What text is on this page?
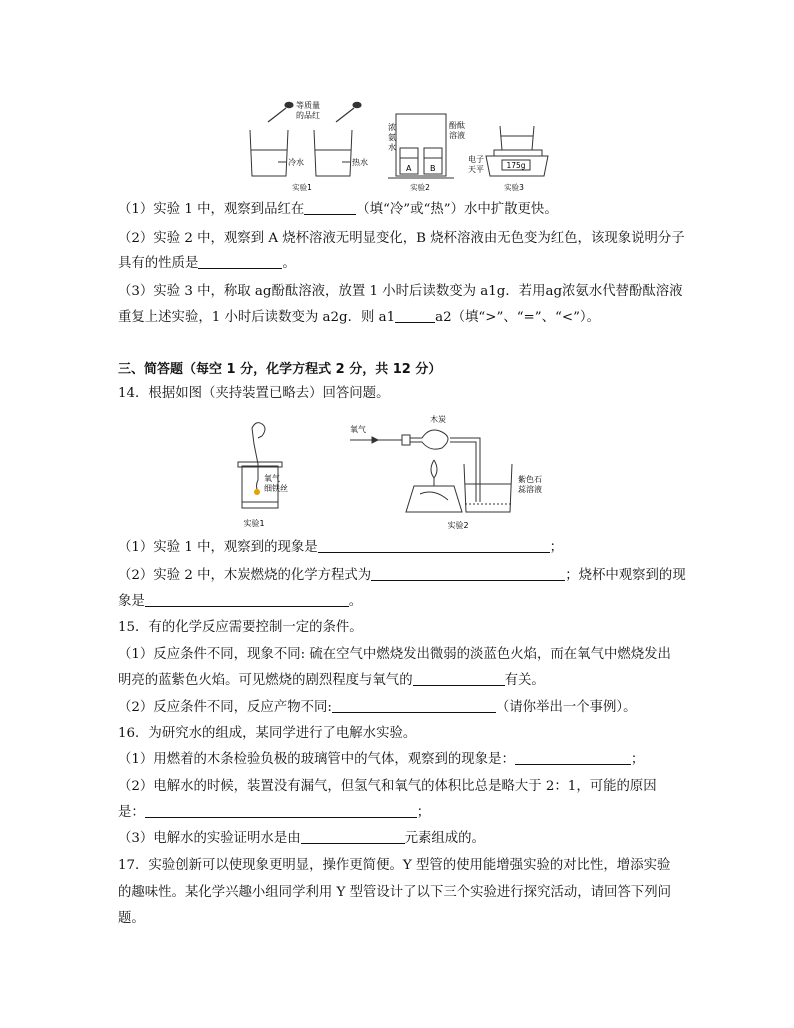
等质量
的品红
冷水	热水
实验1
A B
浓
氨
水
酚酞
溶液
实验2
175g
电子
天平
实验3
（1）实验 1 中，观察到品红在	（填“冷”或“热”）水中扩散更快。
（2）实验 2 中，观察到 A 烧杯溶液无明显变化，B 烧杯溶液由无色变为红色，该现象说明分子
具有的性质是	。
（3）实验 3 中，称取 ag酚酞溶液，放置 1 小时后读数变为 a1g．若用ag浓氨水代替酚酞溶液
重复上述实验，1 小时后读数变为 a2g．则 a1	a2（填“>”、“=”、“<”）。
三、简答题（每空 1 分，化学方程式 2 分，共 12 分）
14．根据如图（夹持装置已略去）回答问题。
氧气
细铁丝
实验1
氧气
木炭
紫色石
蕊溶液
实验2
（1）实验 1 中，观察到的现象是	；
（2）实验 2 中，木炭燃烧的化学方程式为	；烧杯中观察到的现
象是	。
15．有的化学反应需要控制一定的条件。
（1）反应条件不同，现象不同: 硫在空气中燃烧发出微弱的淡蓝色火焰，而在氧气中燃烧发出
明亮的蓝紫色火焰。可见燃烧的剧烈程度与氧气的	有关。
（2）反应条件不同，反应产物不同:	（请你举出一个事例）。
16．为研究水的组成，某同学进行了电解水实验。
（1）用燃着的木条检验负极的玻璃管中的气体，观察到的现象是：	；
（2）电解水的时候，装置没有漏气，但氢气和氧气的体积比总是略大于 2：1，可能的原因
是：	；
（3）电解水的实验证明水是由	元素组成的。
17．实验创新可以使现象更明显，操作更简便。Y 型管的使用能增强实验的对比性，增添实验
的趣味性。某化学兴趣小组同学利用 Y 型管设计了以下三个实验进行探究活动，请回答下列问
题。
